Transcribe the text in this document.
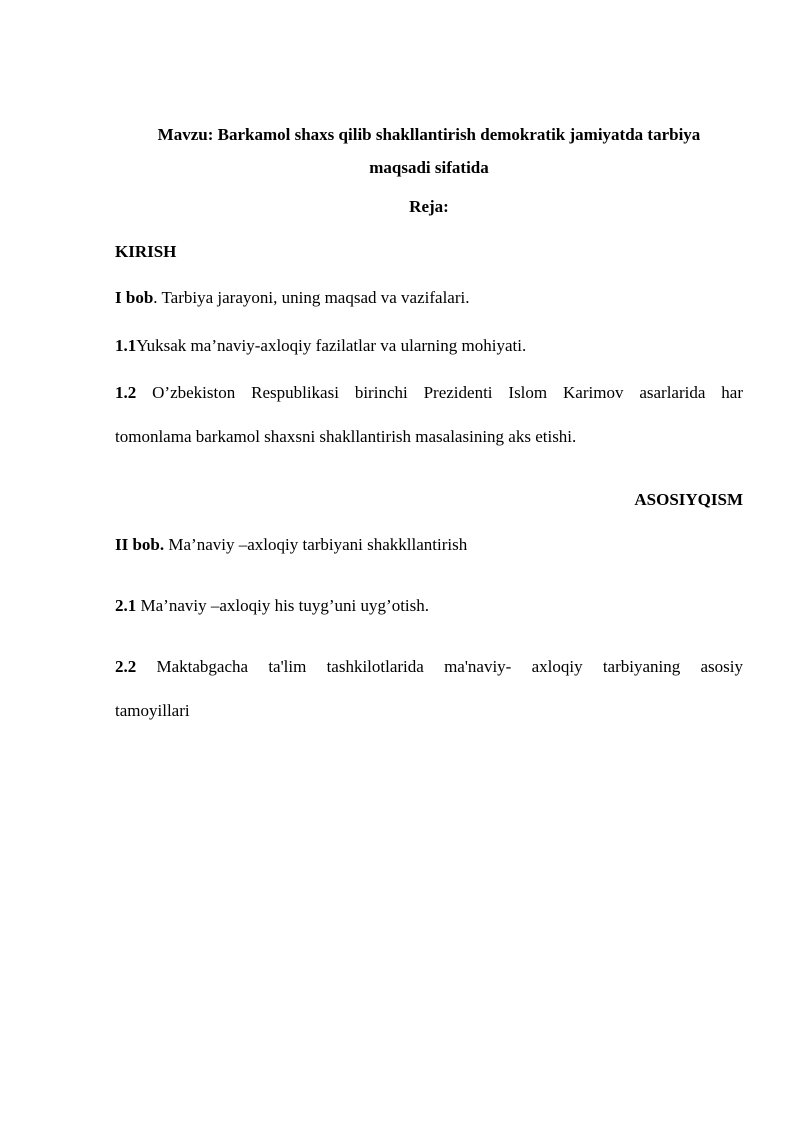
Mavzu: Barkamol shaxs qilib shakllantirish demokratik jamiyatda tarbiya
maqsadi sifatida
Reja:
KIRISH
I bob. Tarbiya jarayoni, uning maqsad va vazifalari.
1.1Yuksak ma’naviy-axloqiy fazilatlar va ularning mohiyati.
1.2 O’zbekiston Respublikasi birinchi Prezidenti Islom Karimov asarlarida har
tomonlama barkamol shaxsni shakllantirish masalasining aks etishi.
ASOSIYQISM
II bob. Ma’naviy –axloqiy tarbiyani shakkllantirish
2.1 Ma’naviy –axloqiy his tuyg’uni uyg’otish.
2.2 Maktabgacha ta'lim tashkilotlarida ma'naviy- axloqiy tarbiyaning asosiy
tamoyillari
